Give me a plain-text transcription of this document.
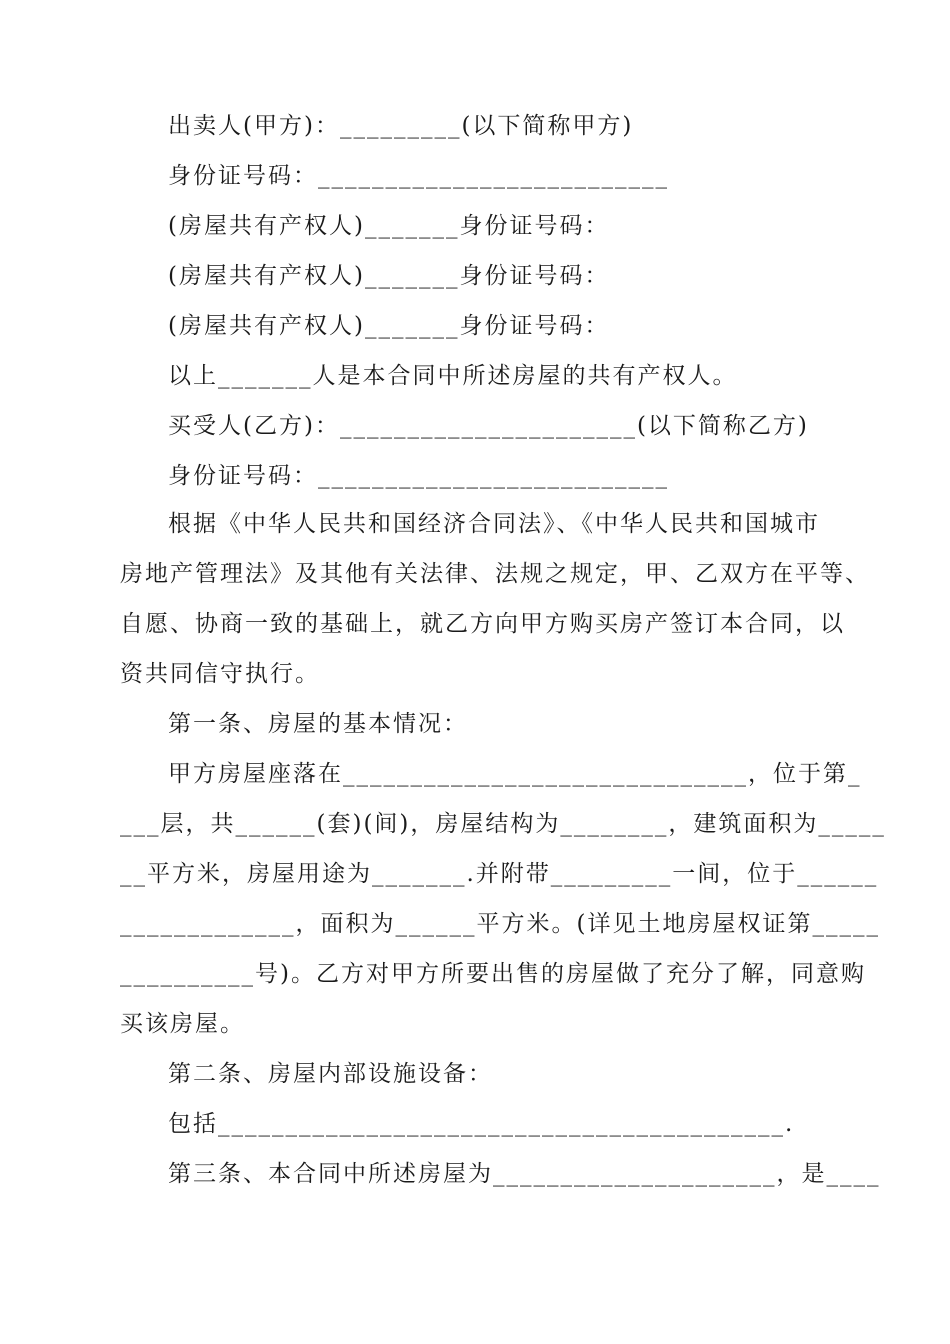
出卖人(甲方)：_________(以下简称甲方)
身份证号码：__________________________
(房屋共有产权人)_______身份证号码：
(房屋共有产权人)_______身份证号码：
(房屋共有产权人)_______身份证号码：
以上_______人是本合同中所述房屋的共有产权人。
买受人(乙方)：______________________(以下简称乙方)
身份证号码：__________________________
根据《中华人民共和国经济合同法》、《中华人民共和国城市
房地产管理法》及其他有关法律、法规之规定，甲、乙双方在平等、
自愿、协商一致的基础上，就乙方向甲方购买房产签订本合同，以
资共同信守执行。
第一条、房屋的基本情况：
甲方房屋座落在______________________________，位于第_
___层，共______(套)(间)，房屋结构为________，建筑面积为_____
__平方米，房屋用途为_______.并附带_________一间，位于______
_____________，面积为______平方米。(详见土地房屋权证第_____
__________号)。乙方对甲方所要出售的房屋做了充分了解，同意购
买该房屋。
第二条、房屋内部设施设备：
包括__________________________________________.
第三条、本合同中所述房屋为_____________________，是____
